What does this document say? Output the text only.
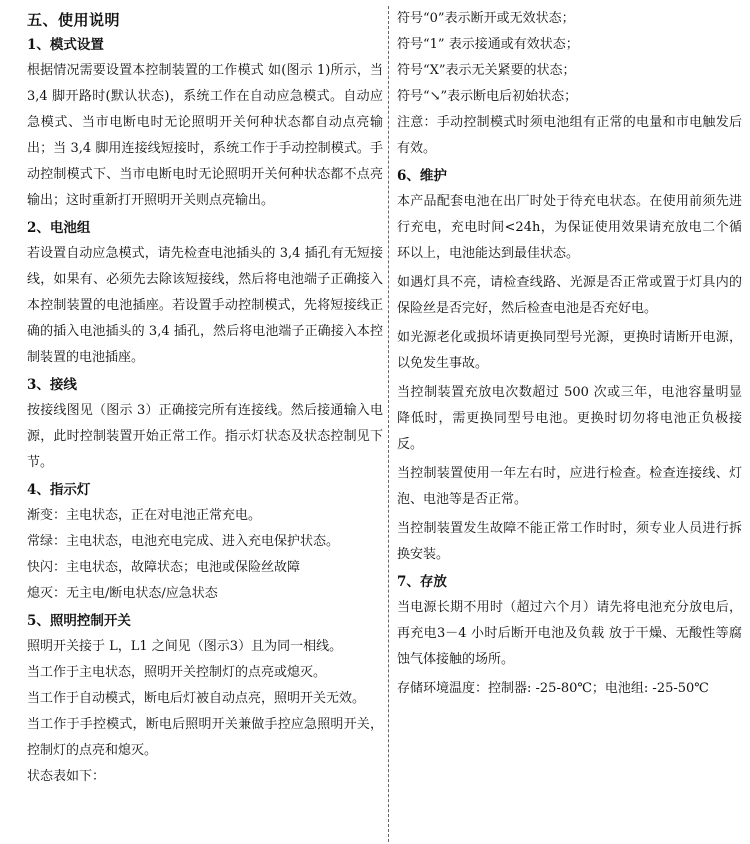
五、使用说明
1、模式设置
根据情况需要设置本控制装置的工作模式 如(图示 1)所示，当 3,4 脚开路时(默认状态)，系统工作在自动应急模式。自动应急模式、当市电断电时无论照明开关何种状态都自动点亮输出；当 3,4 脚用连接线短接时，系统工作于手动控制模式。手动控制模式下、当市电断电时无论照明开关何种状态都不点亮输出；这时重新打开照明开关则点亮输出。
2、电池组
若设置自动应急模式，请先检查电池插头的 3,4 插孔有无短接线，如果有、必须先去除该短接线，然后将电池端子正确接入本控制装置的电池插座。若设置手动控制模式，先将短接线正确的插入电池插头的 3,4 插孔，然后将电池端子正确接入本控制装置的电池插座。
3、接线
按接线图见（图示 3）正确接完所有连接线。然后接通输入电源，此时控制装置开始正常工作。指示灯状态及状态控制见下节。
4、指示灯
渐变：主电状态，正在对电池正常充电。
常绿：主电状态，电池充电完成、进入充电保护状态。
快闪：主电状态，故障状态；电池或保险丝故障
熄灭：无主电/断电状态/应急状态
5、照明控制开关
照明开关接于 L，L1 之间见（图示3）且为同一相线。
当工作于主电状态，照明开关控制灯的点亮或熄灭。
当工作于自动模式，断电后灯被自动点亮，照明开关无效。
当工作于手控模式，断电后照明开关兼做手控应急照明开关，控制灯的点亮和熄灭。
状态表如下：
符号“0”表示断开或无效状态；
符号“1” 表示接通或有效状态；
符号“X”表示无关紧要的状态；
符号“↘”表示断电后初始状态；
注意：手动控制模式时须电池组有正常的电量和市电触发后有效。
6、维护
本产品配套电池在出厂时处于待充电状态。在使用前须先进行充电，充电时间<24h，为保证使用效果请充放电二个循环以上，电池能达到最佳状态。
如遇灯具不亮，请检查线路、光源是否正常或置于灯具内的保险丝是否完好，然后检查电池是否充好电。
如光源老化或损坏请更换同型号光源，更换时请断开电源，以免发生事故。
当控制装置充放电次数超过 500 次或三年，电池容量明显降低时，需更换同型号电池。更换时切勿将电池正负极接反。
当控制装置使用一年左右时，应进行检查。检查连接线、灯泡、电池等是否正常。
当控制装置发生故障不能正常工作时时，须专业人员进行拆换安装。
7、存放
当电源长期不用时（超过六个月）请先将电池充分放电后，再充电3－4 小时后断开电池及负载 放于干燥、无酸性等腐蚀气体接触的场所。
存储环境温度：控制器: -25-80℃；电池组: -25-50℃
